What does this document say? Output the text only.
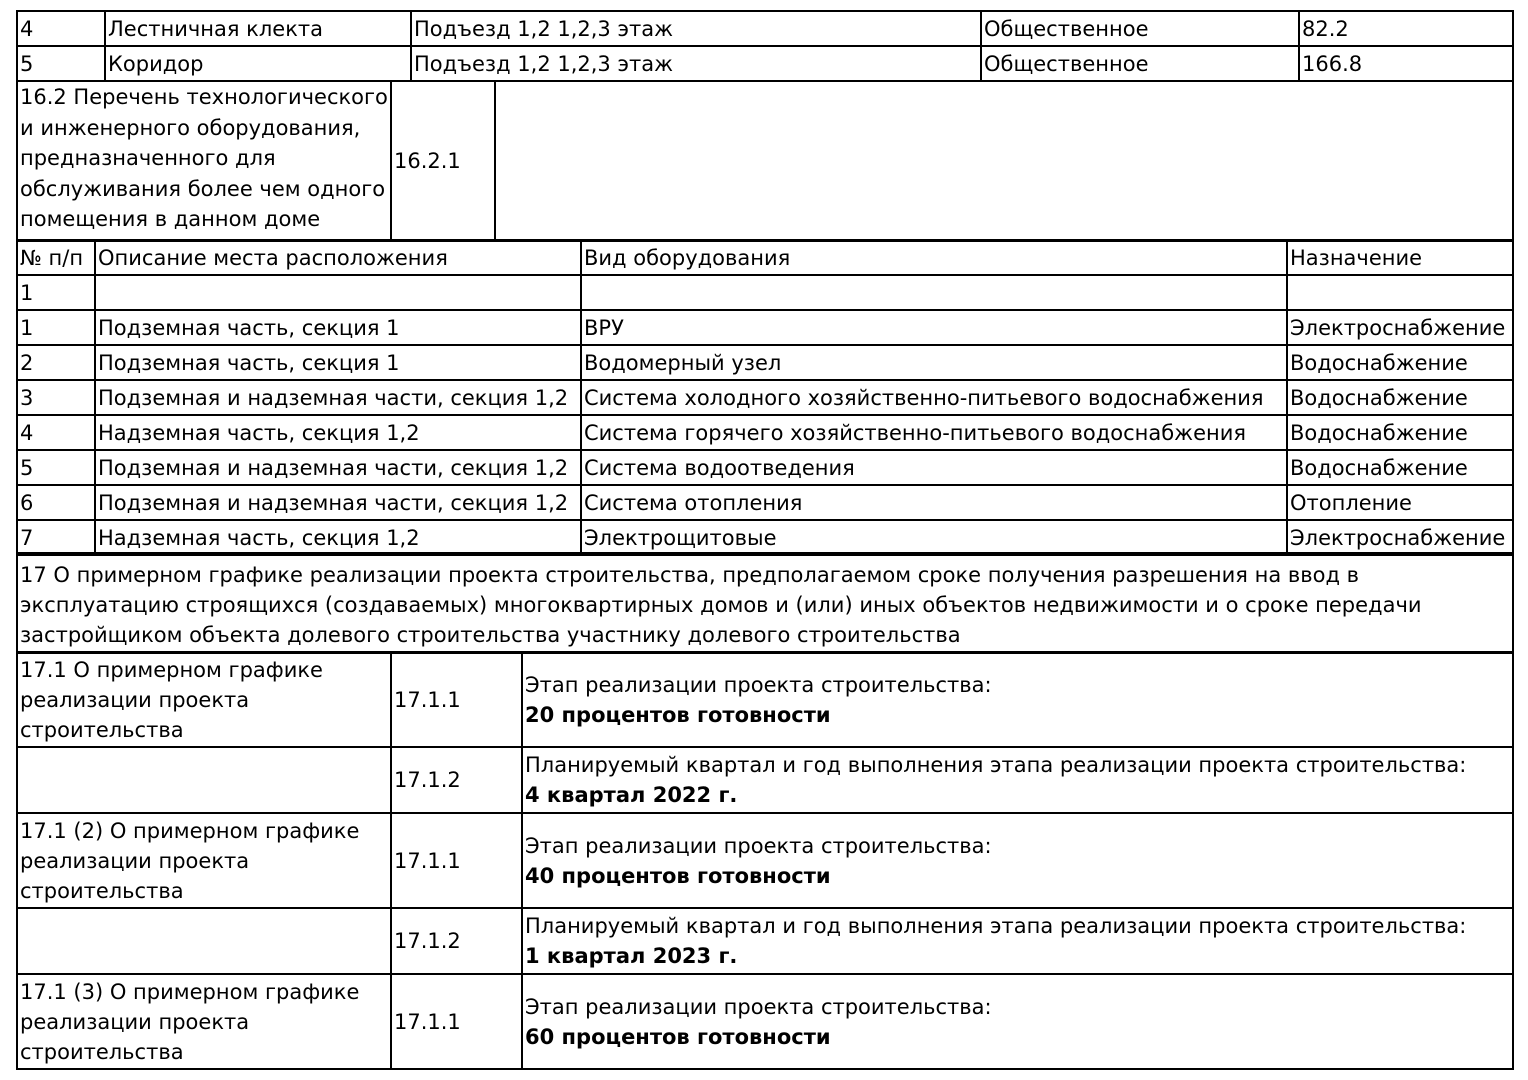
4	Лестничная клекта	Подъезд 1,2 1,2,3 этаж	Общественное	82.2
5	Коридор	Подъезд 1,2 1,2,3 этаж	Общественное	166.8
16.2 Перечень технологического и инженерного оборудования, предназначенного для обслуживания более чем одного помещения в данном доме	16.2.1	
№ п/п	Описание места расположения	Вид оборудования	Назначение
1			
1	Подземная часть, секция 1	ВРУ	Электроснабжение
2	Подземная часть, секция 1	Водомерный узел	Водоснабжение
3	Подземная и надземная части, секция 1,2	Система холодного хозяйственно-питьевого водоснабжения	Водоснабжение
4	Надземная часть, секция 1,2	Система горячего хозяйственно-питьевого водоснабжения	Водоснабжение
5	Подземная и надземная части, секция 1,2	Система водоотведения	Водоснабжение
6	Подземная и надземная части, секция 1,2	Система отопления	Отопление
7	Надземная часть, секция 1,2	Электрощитовые	Электроснабжение
17 О примерном графике реализации проекта строительства, предполагаемом сроке получения разрешения на ввод в эксплуатацию строящихся (создаваемых) многоквартирных домов и (или) иных объектов недвижимости и о сроке передачи застройщиком объекта долевого строительства участнику долевого строительства
17.1 О примерном графике реализации проекта строительства	17.1.1	Этап реализации проекта строительства:
20 процентов готовности

	17.1.2	Планируемый квартал и год выполнения этапа реализации проекта строительства:
4 квартал 2022 г.

17.1 (2) О примерном графике реализации проекта строительства	17.1.1	Этап реализации проекта строительства:
40 процентов готовности

	17.1.2	Планируемый квартал и год выполнения этапа реализации проекта строительства:
1 квартал 2023 г.

17.1 (3) О примерном графике реализации проекта строительства	17.1.1	Этап реализации проекта строительства:
60 процентов готовности
